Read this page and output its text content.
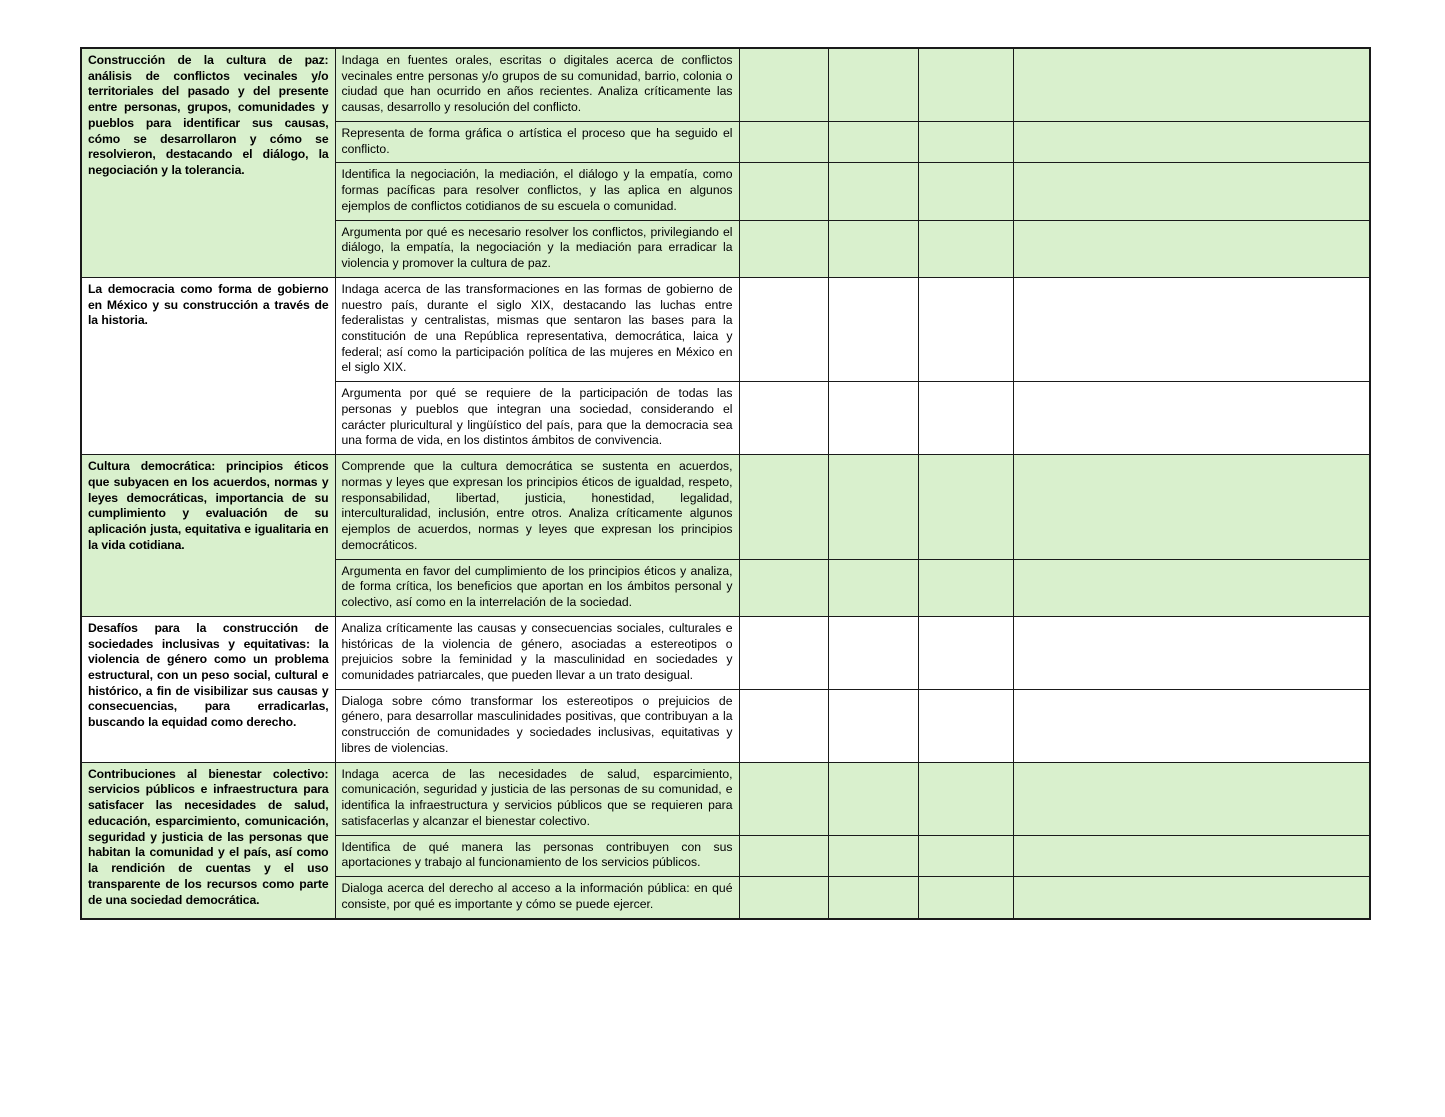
Construcción de la cultura de paz: análisis de conflictos vecinales y/o territoriales del pasado y del presente entre personas, grupos, comunidades y pueblos para identificar sus causas, cómo se desarrollaron y cómo se resolvieron, destacando el diálogo, la negociación y la tolerancia.	Indaga en fuentes orales, escritas o digitales acerca de conflictos vecinales entre personas y/o grupos de su comunidad, barrio, colonia o ciudad que han ocurrido en años recientes. Analiza críticamente las causas, desarrollo y resolución del conflicto.				
	Representa de forma gráfica o artística el proceso que ha seguido el conflicto.				
	Identifica la negociación, la mediación, el diálogo y la empatía, como formas pacíficas para resolver conflictos, y las aplica en algunos ejemplos de conflictos cotidianos de su escuela o comunidad.				
	Argumenta por qué es necesario resolver los conflictos, privilegiando el diálogo, la empatía, la negociación y la mediación para erradicar la violencia y promover la cultura de paz.				
La democracia como forma de gobierno en México y su construcción a través de la historia.	Indaga acerca de las transformaciones en las formas de gobierno de nuestro país, durante el siglo XIX, destacando las luchas entre federalistas y centralistas, mismas que sentaron las bases para la constitución de una República representativa, democrática, laica y federal; así como la participación política de las mujeres en México en el siglo XIX.				
	Argumenta por qué se requiere de la participación de todas las personas y pueblos que integran una sociedad, considerando el carácter pluricultural y lingüístico del país, para que la democracia sea una forma de vida, en los distintos ámbitos de convivencia.				
Cultura democrática: principios éticos que subyacen en los acuerdos, normas y leyes democráticas, importancia de su cumplimiento y evaluación de su aplicación justa, equitativa e igualitaria en la vida cotidiana.	Comprende que la cultura democrática se sustenta en acuerdos, normas y leyes que expresan los principios éticos de igualdad, respeto, responsabilidad, libertad, justicia, honestidad, legalidad, interculturalidad, inclusión, entre otros. Analiza críticamente algunos ejemplos de acuerdos, normas y leyes que expresan los principios democráticos.				
	Argumenta en favor del cumplimiento de los principios éticos y analiza, de forma crítica, los beneficios que aportan en los ámbitos personal y colectivo, así como en la interrelación de la sociedad.				
Desafíos para la construcción de sociedades inclusivas y equitativas: la violencia de género como un problema estructural, con un peso social, cultural e histórico, a fin de visibilizar sus causas y consecuencias, para erradicarlas, buscando la equidad como derecho.	Analiza críticamente las causas y consecuencias sociales, culturales e históricas de la violencia de género, asociadas a estereotipos o prejuicios sobre la feminidad y la masculinidad en sociedades y comunidades patriarcales, que pueden llevar a un trato desigual.				
	Dialoga sobre cómo transformar los estereotipos o prejuicios de género, para desarrollar masculinidades positivas, que contribuyan a la construcción de comunidades y sociedades inclusivas, equitativas y libres de violencias.				
Contribuciones al bienestar colectivo: servicios públicos e infraestructura para satisfacer las necesidades de salud, educación, esparcimiento, comunicación, seguridad y justicia de las personas que habitan la comunidad y el país, así como la rendición de cuentas y el uso transparente de los recursos como parte de una sociedad democrática.	Indaga acerca de las necesidades de salud, esparcimiento, comunicación, seguridad y justicia de las personas de su comunidad, e identifica la infraestructura y servicios públicos que se requieren para satisfacerlas y alcanzar el bienestar colectivo.				
	Identifica de qué manera las personas contribuyen con sus aportaciones y trabajo al funcionamiento de los servicios públicos.				
	Dialoga acerca del derecho al acceso a la información pública: en qué consiste, por qué es importante y cómo se puede ejercer.				
